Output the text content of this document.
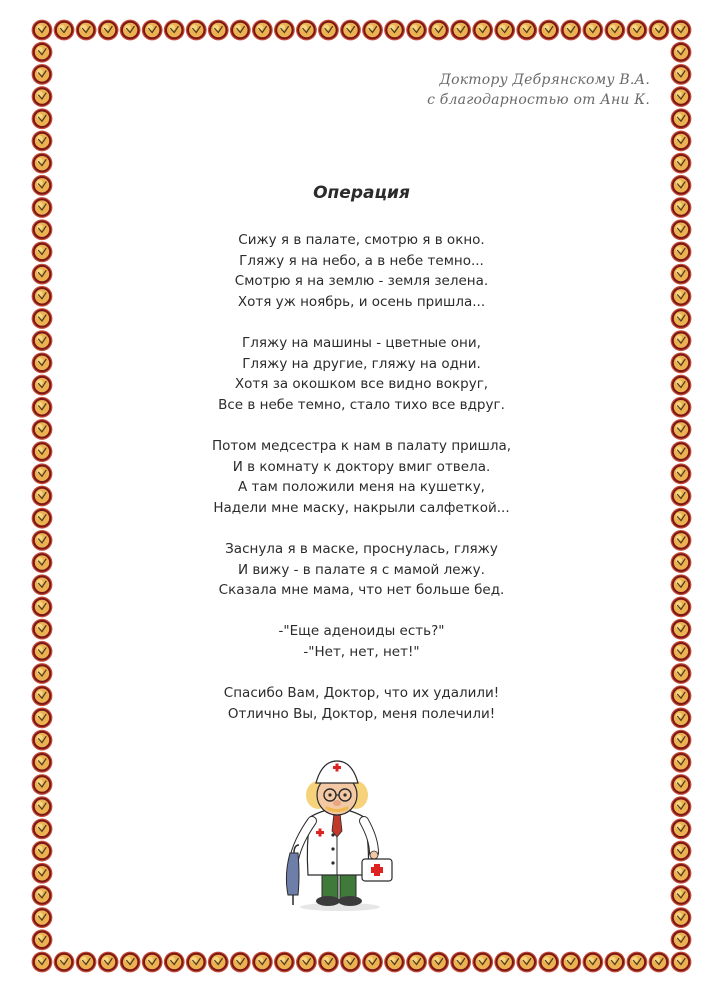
Доктору Дебрянскому В.А.
с благодарностью от Ани К.
Операция
Сижу я в палате, смотрю я в окно.
Гляжу я на небо, а в небе темно...
Смотрю я на землю - земля зелена.
Хотя уж ноябрь, и осень пришла...
Гляжу на машины - цветные они,
Гляжу на другие, гляжу на одни.
Хотя за окошком все видно вокруг,
Все в небе темно, стало тихо все вдруг.
Потом медсестра к нам в палату пришла,
И в комнату к доктору вмиг отвела.
А там положили меня на кушетку,
Надели мне маску, накрыли салфеткой...
Заснула я в маске, проснулась, гляжу
И вижу - в палате я с мамой лежу.
Сказала мне мама, что нет больше бед.
-"Еще аденоиды есть?"
-"Нет, нет, нет!"
Спасибо Вам, Доктор, что их удалили!
Отлично Вы, Доктор, меня полечили!
